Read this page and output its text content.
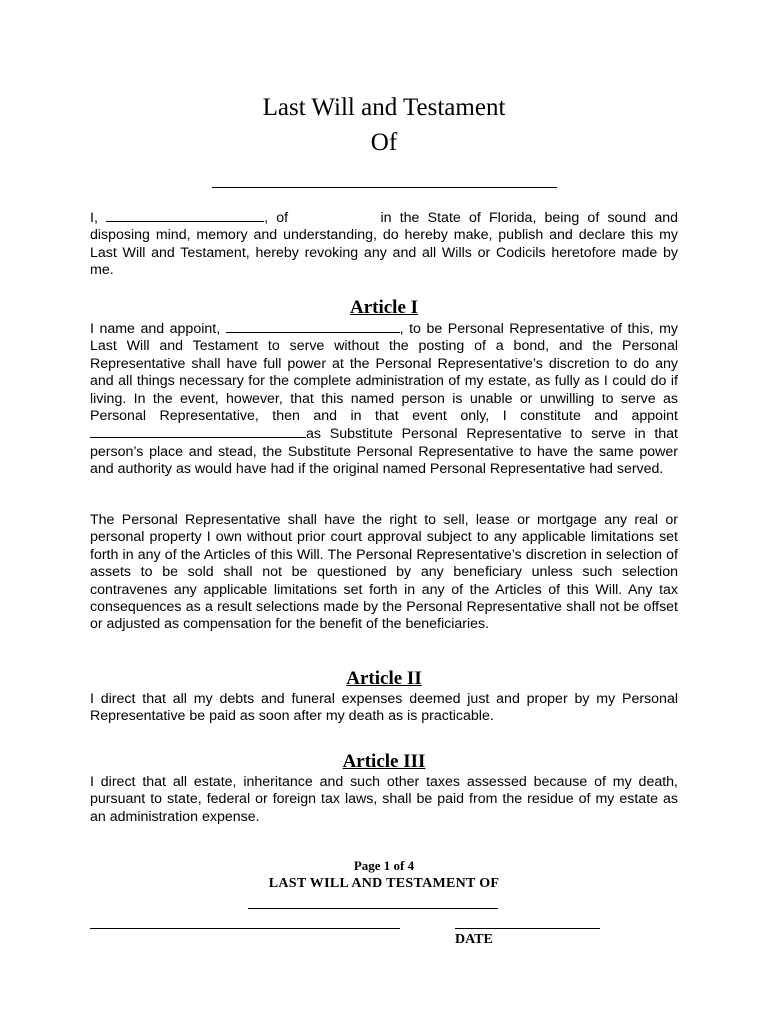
Last Will and Testament
Of

I,	, of	in the State of Florida, being of sound and disposing mind, memory and understanding, do hereby make, publish and declare this my Last Will and Testament, hereby revoking any and all Wills or Codicils heretofore made by me.

Article I

I name and appoint,	, to be Personal Representative of this, my Last Will and Testament to serve without the posting of a bond, and the Personal Representative shall have full power at the Personal Representative’s discretion to do any and all things necessary for the complete administration of my estate, as fully as I could do if living. In the event, however, that this named person is unable or unwilling to serve as Personal Representative, then and in that event only, I constitute and appoint as Substitute Personal Representative to serve in that person’s place and stead, the Substitute Personal Representative to have the same power and authority as would have had if the original named Personal Representative had served.

The Personal Representative shall have the right to sell, lease or mortgage any real or personal property I own without prior court approval subject to any applicable limitations set forth in any of the Articles of this Will. The Personal Representative’s discretion in selection of assets to be sold shall not be questioned by any beneficiary unless such selection contravenes any applicable limitations set forth in any of the Articles of this Will. Any tax consequences as a result selections made by the Personal Representative shall not be offset or adjusted as compensation for the benefit of the beneficiaries.

Article II

I direct that all my debts and funeral expenses deemed just and proper by my Personal Representative be paid as soon after my death as is practicable.

Article III

I direct that all estate, inheritance and such other taxes assessed because of my death, pursuant to state, federal or foreign tax laws, shall be paid from the residue of my estate as an administration expense.

Page 1 of 4
LAST WILL AND TESTAMENT OF
DATE
